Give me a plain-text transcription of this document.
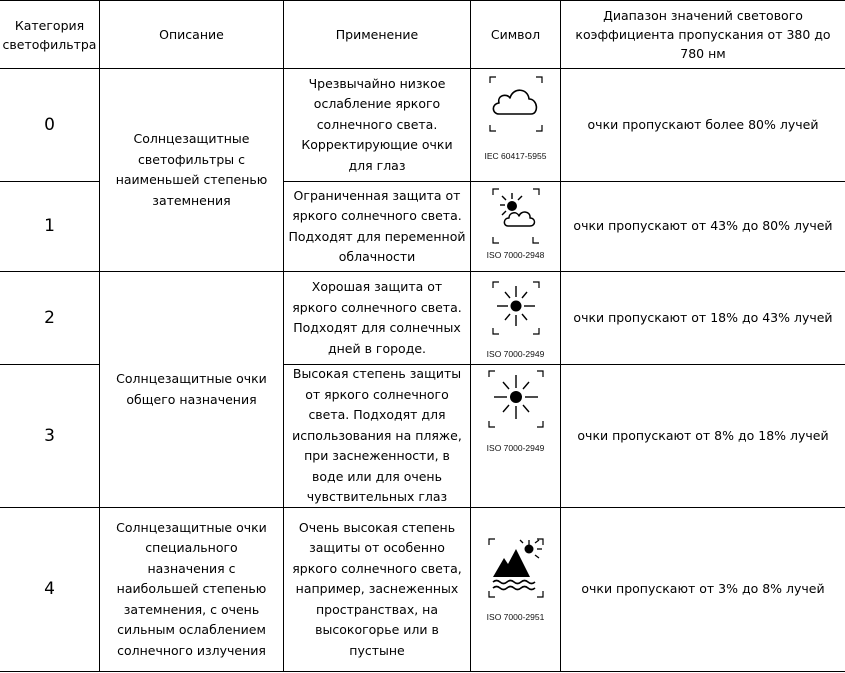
Категория светофильтра
Описание	Применение	Символ
Диапазон значений светового коэффициента пропускания от 380 до 780 нм
0
1
2
3
4
Солнцезащитные светофильтры с наименьшей степенью затемнения
Солнцезащитные очки общего назначения
Солнцезащитные очки специального назначения с наибольшей степенью затемнения, с очень сильным ослаблением солнечного излучения
Чрезвычайно низкое ослабление яркого солнечного света. Корректирующие очки для глаз
Ограниченная защита от яркого солнечного света. Подходят для переменной облачности
Хорошая защита от яркого солнечного света. Подходят для солнечных дней в городе.
Высокая степень защиты от яркого солнечного света. Подходят для использования на пляже, при заснеженности, в воде или для очень чувствительных глаз
Очень высокая степень защиты от особенно яркого солнечного света, например, заснеженных пространствах, на высокогорье или в пустыне
IEC 60417-5955
ISO 7000-2948
ISO 7000-2949
ISO 7000-2949
ISO 7000-2951
очки пропускают более 80% лучей
очки пропускают от 43% до 80% лучей
очки пропускают от 18% до 43% лучей
очки пропускают от 8% до 18% лучей
очки пропускают от 3% до 8% лучей
